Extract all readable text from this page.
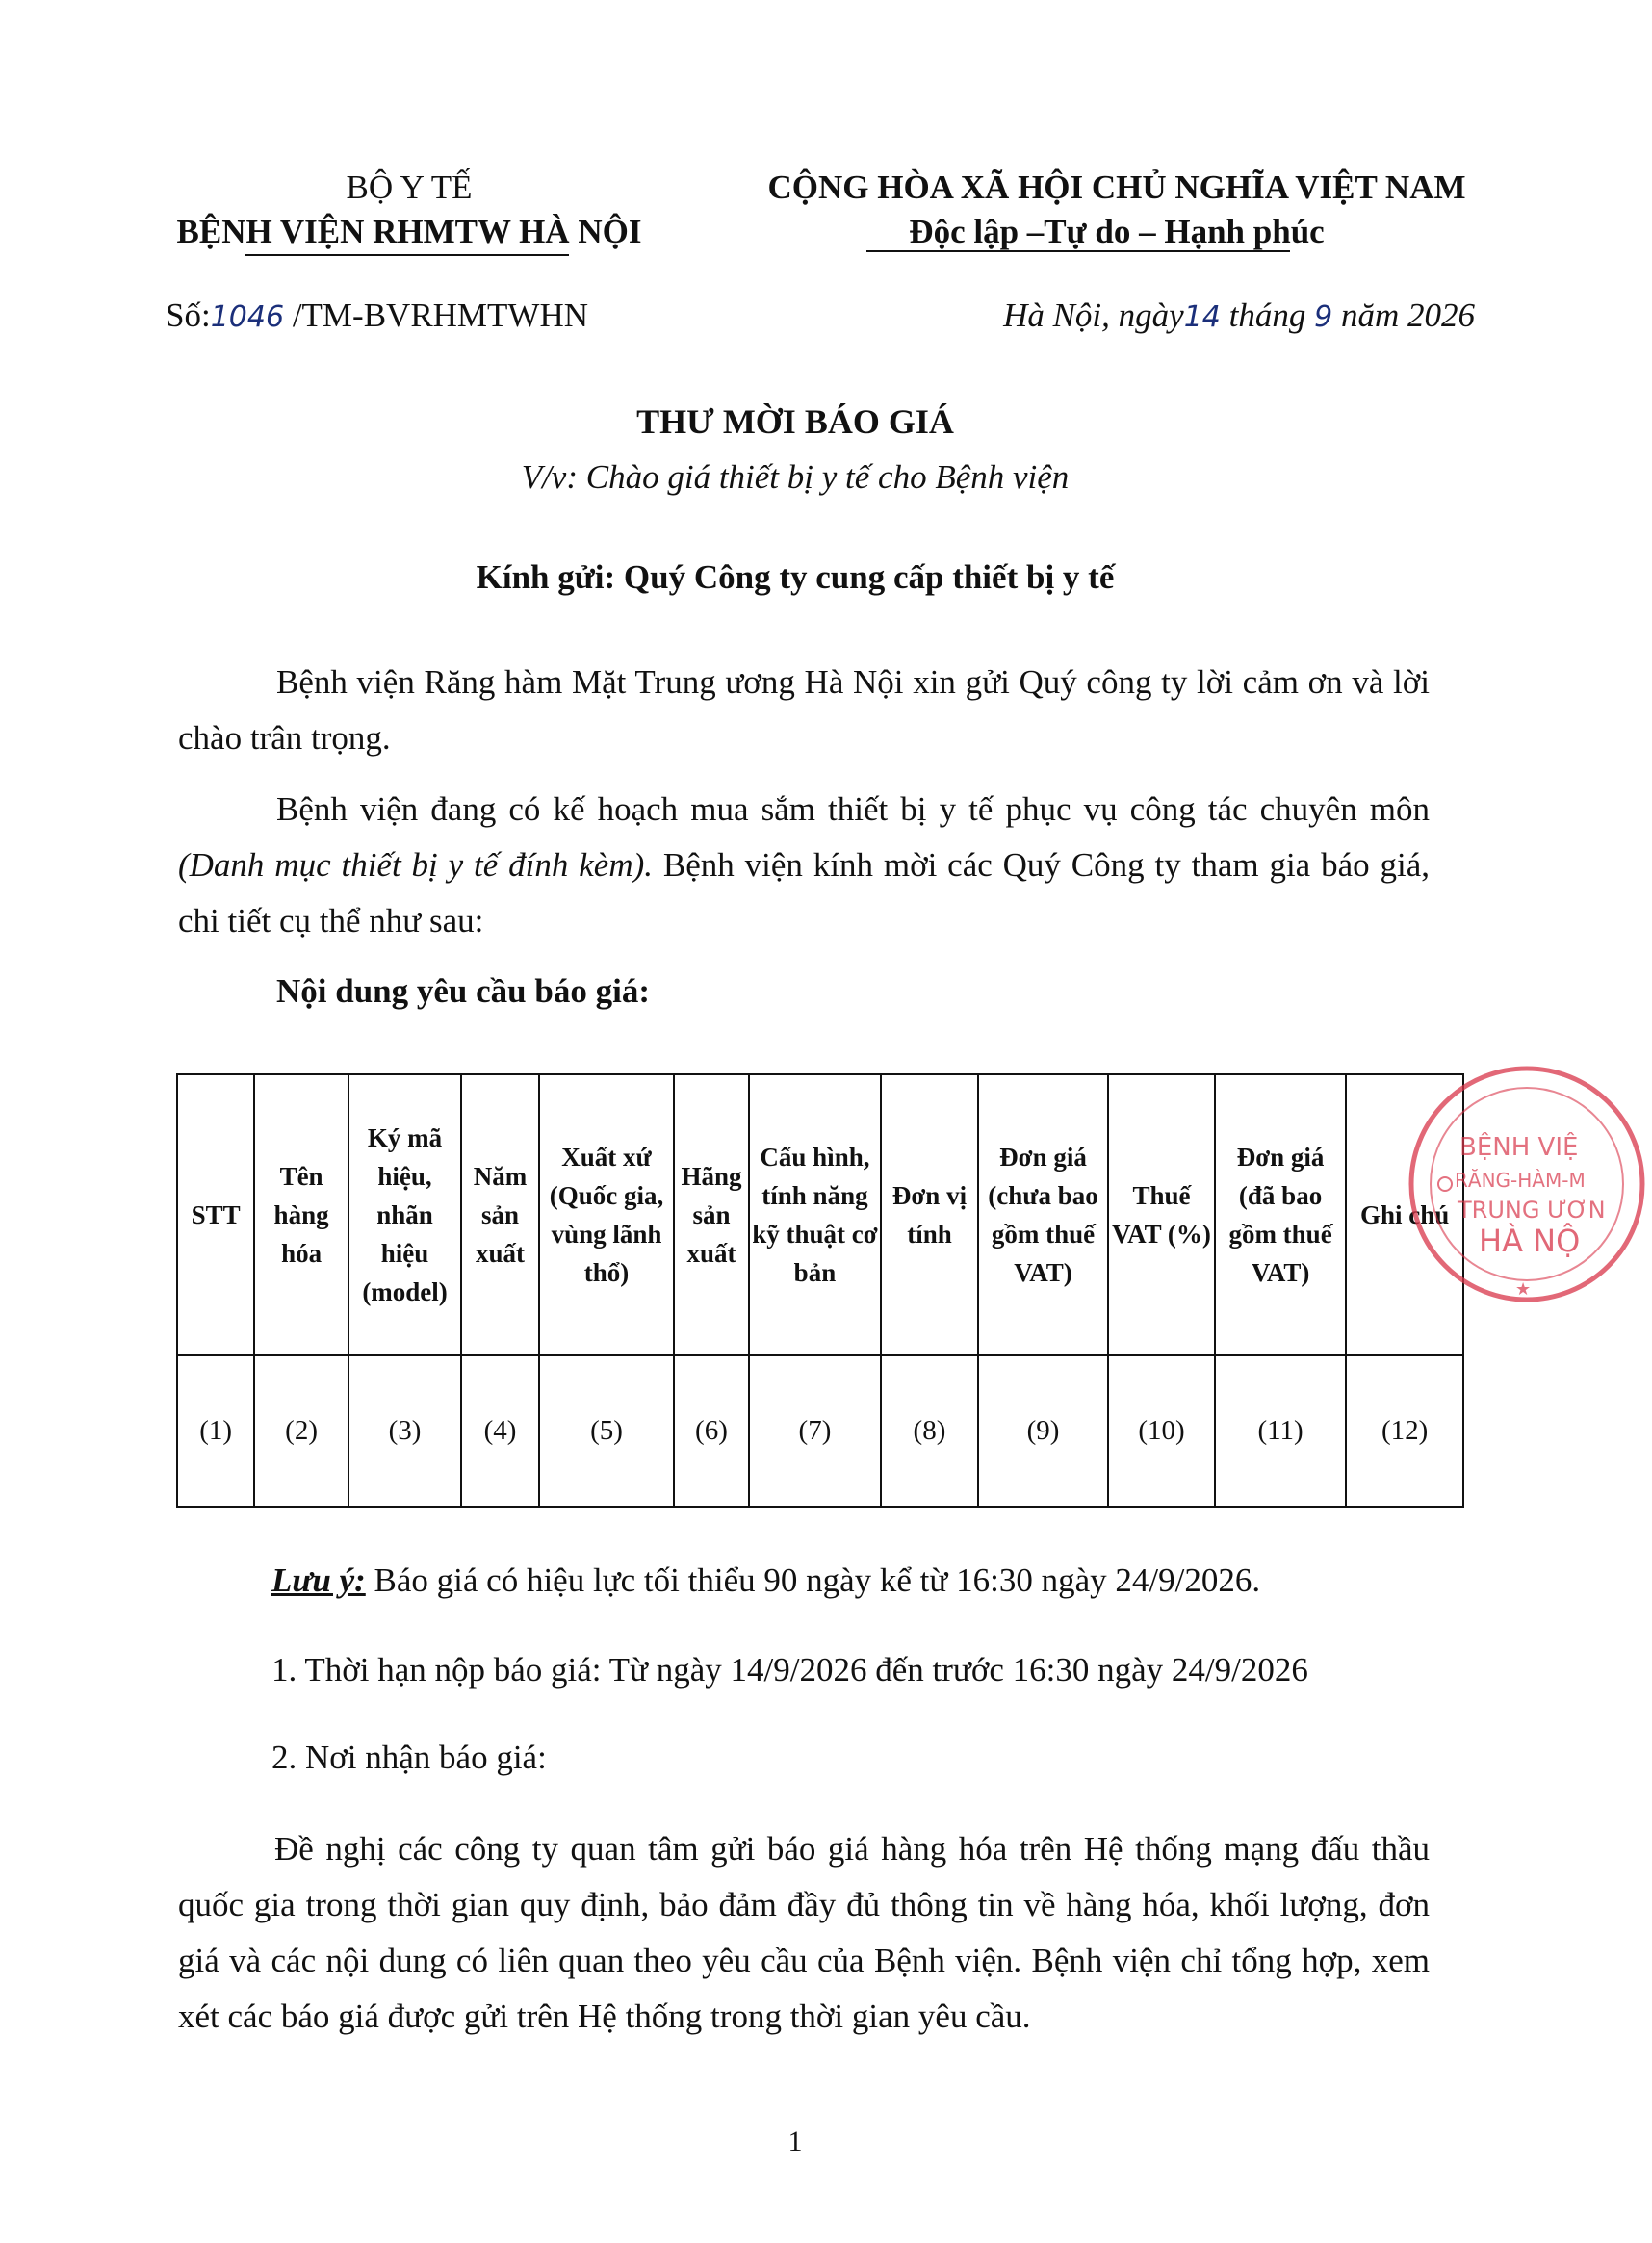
BỘ Y TẾ
BỆNH VIỆN RHMTW HÀ NỘI
CỘNG HÒA XÃ HỘI CHỦ NGHĨA VIỆT NAM
Độc lập –Tự do – Hạnh phúc
Số:1046 /TM-BVRHMTWHN	Hà Nội, ngày14 tháng 9 năm 2026
THƯ MỜI BÁO GIÁ
V/v: Chào giá thiết bị y tế cho Bệnh viện
Kính gửi: Quý Công ty cung cấp thiết bị y tế
Bệnh viện Răng hàm Mặt Trung ương Hà Nội xin gửi Quý công ty lời cảm ơn và lời chào trân trọng.
Bệnh viện đang có kế hoạch mua sắm thiết bị y tế phục vụ công tác chuyên môn (Danh mục thiết bị y tế đính kèm). Bệnh viện kính mời các Quý Công ty tham gia báo giá, chi tiết cụ thể như sau:
Nội dung yêu cầu báo giá:
STT	Tên hàng hóa	Ký mã hiệu, nhãn hiệu (model)	Năm sản xuất	Xuất xứ (Quốc gia, vùng lãnh thổ)	Hãng sản xuất	Cấu hình, tính năng kỹ thuật cơ bản	Đơn vị tính	Đơn giá (chưa bao gồm thuế VAT)	Thuế VAT (%)	Đơn giá (đã bao gồm thuế VAT)	Ghi chú
(1)	(2)	(3)	(4)	(5)	(6)	(7)	(8)	(9)	(10)	(11)	(12)
BỆNH VIỆ
RĂNG-HÀM-M
TRUNG ƯƠN
HÀ NỘ
★
Lưu ý: Báo giá có hiệu lực tối thiểu 90 ngày kể từ 16:30 ngày 24/9/2026.
1. Thời hạn nộp báo giá: Từ ngày 14/9/2026 đến trước 16:30 ngày 24/9/2026
2. Nơi nhận báo giá:
Đề nghị các công ty quan tâm gửi báo giá hàng hóa trên Hệ thống mạng đấu thầu quốc gia trong thời gian quy định, bảo đảm đầy đủ thông tin về hàng hóa, khối lượng, đơn giá và các nội dung có liên quan theo yêu cầu của Bệnh viện. Bệnh viện chỉ tổng hợp, xem xét các báo giá được gửi trên Hệ thống trong thời gian yêu cầu.
1
